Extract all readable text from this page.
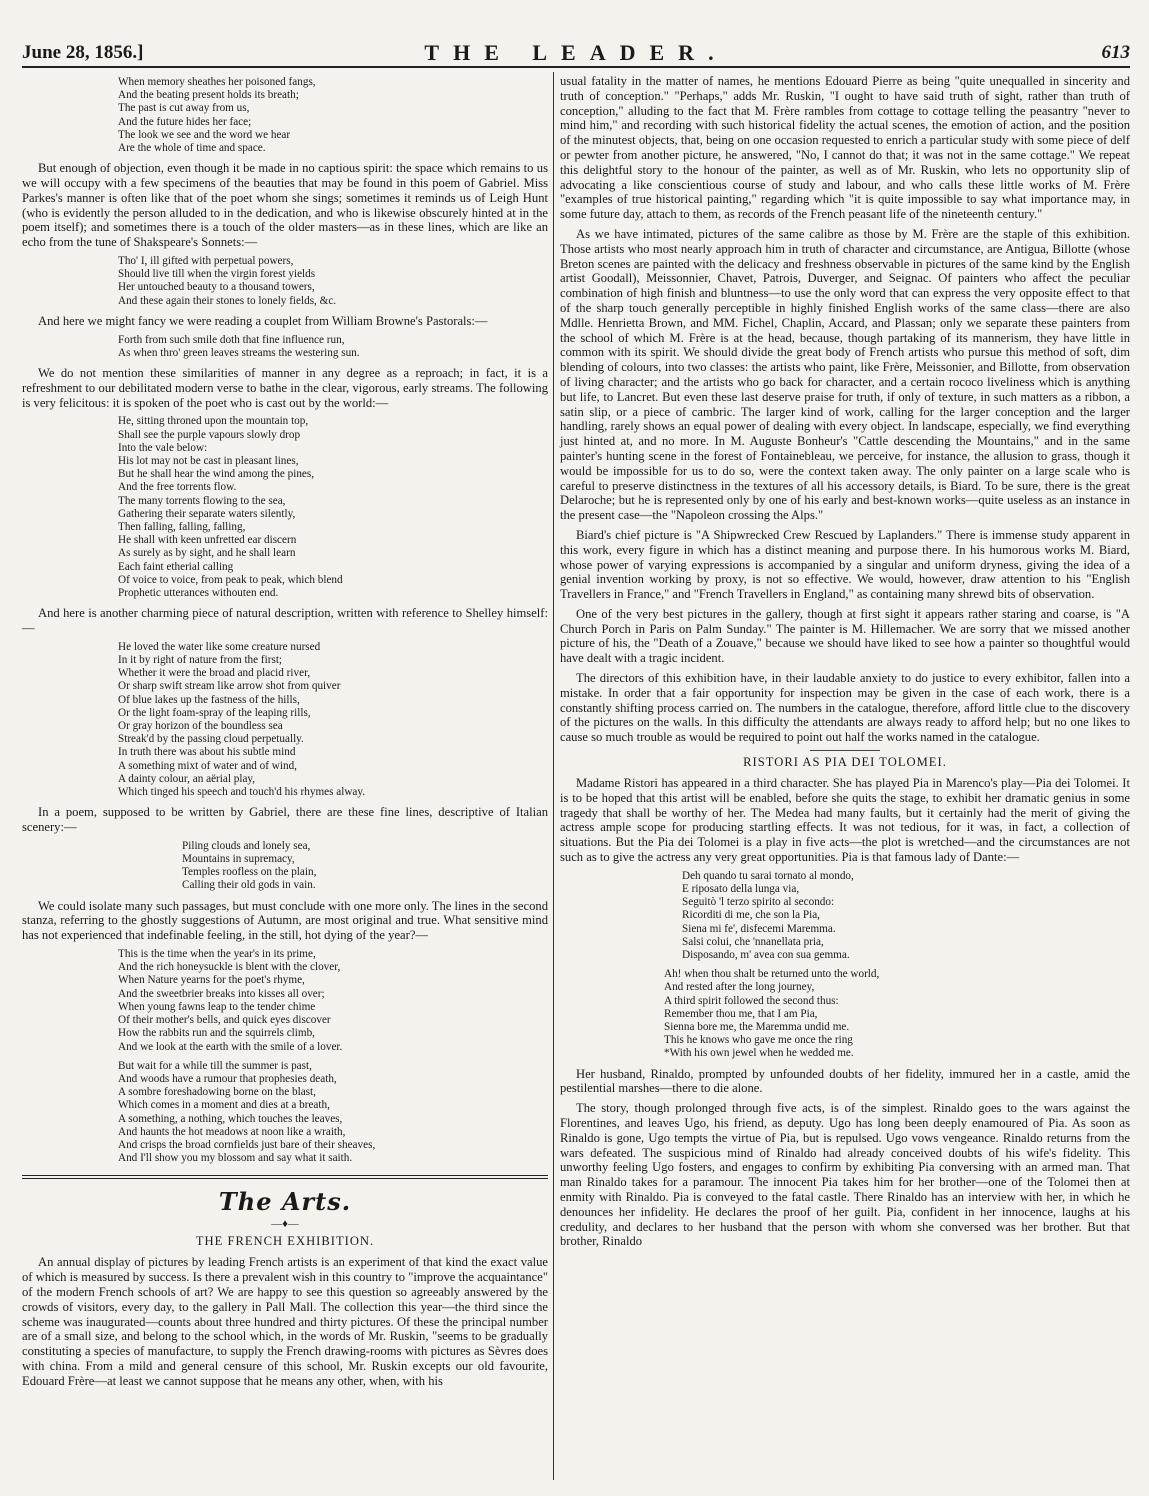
June 28, 1856.]	THE LEADER.	613
When memory sheathes her poisoned fangs,
And the beating present holds its breath;
The past is cut away from us,
And the future hides her face;
The look we see and the word we hear
Are the whole of time and space.

But enough of objection, even though it be made in no captious spirit: the space which remains to us we will occupy with a few specimens of the beauties that may be found in this poem of Gabriel. Miss Parkes's manner is often like that of the poet whom she sings; sometimes it reminds us of Leigh Hunt (who is evidently the person alluded to in the dedication, and who is likewise obscurely hinted at in the poem itself); and sometimes there is a touch of the older masters—as in these lines, which are like an echo from the tune of Shakspeare's Sonnets:—

Tho' I, ill gifted with perpetual powers,
Should live till when the virgin forest yields
Her untouched beauty to a thousand towers,
And these again their stones to lonely fields, &c.

And here we might fancy we were reading a couplet from William Browne's Pastorals:—

Forth from such smile doth that fine influence run,
As when thro' green leaves streams the westering sun.

We do not mention these similarities of manner in any degree as a reproach; in fact, it is a refreshment to our debilitated modern verse to bathe in the clear, vigorous, early streams. The following is very felicitous: it is spoken of the poet who is cast out by the world:—

He, sitting throned upon the mountain top,
Shall see the purple vapours slowly drop
Into the vale below:
His lot may not be cast in pleasant lines,
But he shall hear the wind among the pines,
And the free torrents flow.
The many torrents flowing to the sea,
Gathering their separate waters silently,
Then falling, falling, falling,
He shall with keen unfretted ear discern
As surely as by sight, and he shall learn
Each faint etherial calling
Of voice to voice, from peak to peak, which blend
Prophetic utterances withouten end.

And here is another charming piece of natural description, written with reference to Shelley himself:—

He loved the water like some creature nursed
In it by right of nature from the first;
Whether it were the broad and placid river,
Or sharp swift stream like arrow shot from quiver
Of blue lakes up the fastness of the hills,
Or the light foam-spray of the leaping rills,
Or gray horizon of the boundless sea
Streak'd by the passing cloud perpetually.
In truth there was about his subtle mind
A something mixt of water and of wind,
A dainty colour, an aërial play,
Which tinged his speech and touch'd his rhymes alway.

In a poem, supposed to be written by Gabriel, there are these fine lines, descriptive of Italian scenery:—

Piling clouds and lonely sea,
Mountains in supremacy,
Temples roofless on the plain,
Calling their old gods in vain.

We could isolate many such passages, but must conclude with one more only. The lines in the second stanza, referring to the ghostly suggestions of Autumn, are most original and true. What sensitive mind has not experienced that indefinable feeling, in the still, hot dying of the year?—

This is the time when the year's in its prime,
And the rich honeysuckle is blent with the clover,
When Nature yearns for the poet's rhyme,
And the sweetbrier breaks into kisses all over;
When young fawns leap to the tender chime
Of their mother's bells, and quick eyes discover
How the rabbits run and the squirrels climb,
And we look at the earth with the smile of a lover.
But wait for a while till the summer is past,
And woods have a rumour that prophesies death,
A sombre foreshadowing borne on the blast,
Which comes in a moment and dies at a breath,
A something, a nothing, which touches the leaves,
And haunts the hot meadows at noon like a wraith,
And crisps the broad cornfields just bare of their sheaves,
And I'll show you my blossom and say what it saith.
The Arts.
—♦—
THE FRENCH EXHIBITION.

An annual display of pictures by leading French artists is an experiment of that kind the exact value of which is measured by success. Is there a prevalent wish in this country to "improve the acquaintance" of the modern French schools of art? We are happy to see this question so agreeably answered by the crowds of visitors, every day, to the gallery in Pall Mall. The collection this year—the third since the scheme was inaugurated—counts about three hundred and thirty pictures. Of these the principal number are of a small size, and belong to the school which, in the words of Mr. Ruskin, "seems to be gradually constituting a species of manufacture, to supply the French drawing-rooms with pictures as Sèvres does with china. From a mild and general censure of this school, Mr. Ruskin excepts our old favourite, Edouard Frère—at least we cannot suppose that he means any other, when, with his

usual fatality in the matter of names, he mentions Edouard Pierre as being "quite unequalled in sincerity and truth of conception." "Perhaps," adds Mr. Ruskin, "I ought to have said truth of sight, rather than truth of conception," alluding to the fact that M. Frère rambles from cottage to cottage telling the peasantry "never to mind him," and recording with such historical fidelity the actual scenes, the emotion of action, and the position of the minutest objects, that, being on one occasion requested to enrich a particular study with some piece of delf or pewter from another picture, he answered, "No, I cannot do that; it was not in the same cottage." We repeat this delightful story to the honour of the painter, as well as of Mr. Ruskin, who lets no opportunity slip of advocating a like conscientious course of study and labour, and who calls these little works of M. Frère "examples of true historical painting," regarding which "it is quite impossible to say what importance may, in some future day, attach to them, as records of the French peasant life of the nineteenth century."

As we have intimated, pictures of the same calibre as those by M. Frère are the staple of this exhibition. Those artists who most nearly approach him in truth of character and circumstance, are Antigua, Billotte (whose Breton scenes are painted with the delicacy and freshness observable in pictures of the same kind by the English artist Goodall), Meissonnier, Chavet, Patrois, Duverger, and Seignac. Of painters who affect the peculiar combination of high finish and bluntness—to use the only word that can express the very opposite effect to that of the sharp touch generally perceptible in highly finished English works of the same class—there are also Mdlle. Henrietta Brown, and MM. Fichel, Chaplin, Accard, and Plassan; only we separate these painters from the school of which M. Frère is at the head, because, though partaking of its mannerism, they have little in common with its spirit. We should divide the great body of French artists who pursue this method of soft, dim blending of colours, into two classes: the artists who paint, like Frère, Meissonier, and Billotte, from observation of living character; and the artists who go back for character, and a certain rococo liveliness which is anything but life, to Lancret. But even these last deserve praise for truth, if only of texture, in such matters as a ribbon, a satin slip, or a piece of cambric. The larger kind of work, calling for the larger conception and the larger handling, rarely shows an equal power of dealing with every object. In landscape, especially, we find everything just hinted at, and no more. In M. Auguste Bonheur's "Cattle descending the Mountains," and in the same painter's hunting scene in the forest of Fontainebleau, we perceive, for instance, the allusion to grass, though it would be impossible for us to do so, were the context taken away. The only painter on a large scale who is careful to preserve distinctness in the textures of all his accessory details, is Biard. To be sure, there is the great Delaroche; but he is represented only by one of his early and best-known works—quite useless as an instance in the present case—the "Napoleon crossing the Alps."

Biard's chief picture is "A Shipwrecked Crew Rescued by Laplanders." There is immense study apparent in this work, every figure in which has a distinct meaning and purpose there. In his humorous works M. Biard, whose power of varying expressions is accompanied by a singular and uniform dryness, giving the idea of a genial invention working by proxy, is not so effective. We would, however, draw attention to his "English Travellers in France," and "French Travellers in England," as containing many shrewd bits of observation.

One of the very best pictures in the gallery, though at first sight it appears rather staring and coarse, is "A Church Porch in Paris on Palm Sunday." The painter is M. Hillemacher. We are sorry that we missed another picture of his, the "Death of a Zouave," because we should have liked to see how a painter so thoughtful would have dealt with a tragic incident.

The directors of this exhibition have, in their laudable anxiety to do justice to every exhibitor, fallen into a mistake. In order that a fair opportunity for inspection may be given in the case of each work, there is a constantly shifting process carried on. The numbers in the catalogue, therefore, afford little clue to the discovery of the pictures on the walls. In this difficulty the attendants are always ready to afford help; but no one likes to cause so much trouble as would be required to point out half the works named in the catalogue.

RISTORI AS PIA DEI TOLOMEI.

Madame Ristori has appeared in a third character. She has played Pia in Marenco's play—Pia dei Tolomei. It is to be hoped that this artist will be enabled, before she quits the stage, to exhibit her dramatic genius in some tragedy that shall be worthy of her. The Medea had many faults, but it certainly had the merit of giving the actress ample scope for producing startling effects. It was not tedious, for it was, in fact, a collection of situations. But the Pia dei Tolomei is a play in five acts—the plot is wretched—and the circumstances are not such as to give the actress any very great opportunities. Pia is that famous lady of Dante:—

Deh quando tu sarai tornato al mondo,
E riposato della lunga via,
Seguitò 'l terzo spirito al secondo:
Ricorditi di me, che son la Pia,
Siena mi fe', disfecemi Maremma.
Salsi colui, che 'nnanellata pria,
Disposando, m' avea con sua gemma.
Ah! when thou shalt be returned unto the world,
And rested after the long journey,
A third spirit followed the second thus:
Remember thou me, that I am Pia,
Sienna bore me, the Maremma undid me.
This he knows who gave me once the ring
*With his own jewel when he wedded me.

Her husband, Rinaldo, prompted by unfounded doubts of her fidelity, immured her in a castle, amid the pestilential marshes—there to die alone.

The story, though prolonged through five acts, is of the simplest. Rinaldo goes to the wars against the Florentines, and leaves Ugo, his friend, as deputy. Ugo has long been deeply enamoured of Pia. As soon as Rinaldo is gone, Ugo tempts the virtue of Pia, but is repulsed. Ugo vows vengeance. Rinaldo returns from the wars defeated. The suspicious mind of Rinaldo had already conceived doubts of his wife's fidelity. This unworthy feeling Ugo fosters, and engages to confirm by exhibiting Pia conversing with an armed man. That man Rinaldo takes for a paramour. The innocent Pia takes him for her brother—one of the Tolomei then at enmity with Rinaldo. Pia is conveyed to the fatal castle. There Rinaldo has an interview with her, in which he denounces her infidelity. He declares the proof of her guilt. Pia, confident in her innocence, laughs at his credulity, and declares to her husband that the person with whom she conversed was her brother. But that brother, Rinaldo
